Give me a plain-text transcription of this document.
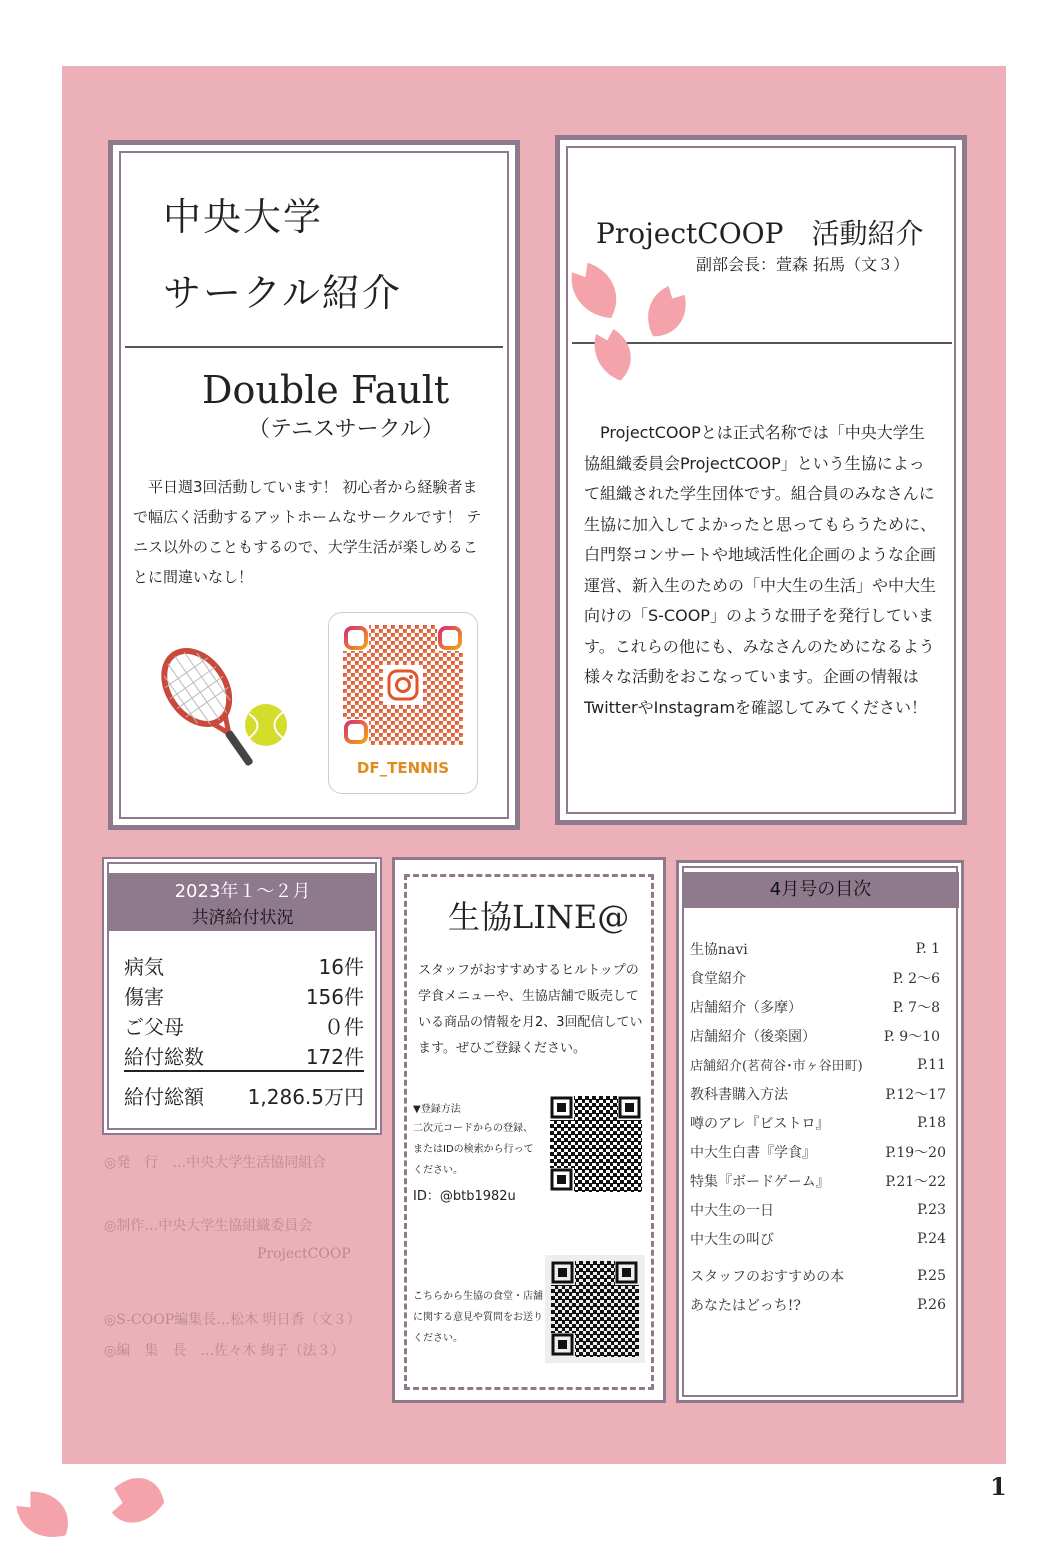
中央大学
サークル紹介
Double Fault
（テニスサークル）
平日週3回活動しています！ 初心者から経験者まで幅広く活動するアットホームなサークルです！ テニス以外のこともするので、大学生活が楽しめることに間違いなし！
DF_TENNIS
ProjectCOOP　活動紹介
副部会長：萱森 拓馬（文３）
ProjectCOOPとは正式名称では「中央大学生協組織委員会ProjectCOOP」という生協によって組織された学生団体です。組合員のみなさんに生協に加入してよかったと思ってもらうために、白門祭コンサートや地域活性化企画のような企画運営、新入生のための「中大生の生活」や中大生向けの「S-COOP」のような冊子を発行しています。これらの他にも、みなさんのためになるよう様々な活動をおこなっています。企画の情報はTwitterやInstagramを確認してみてください！
2023年１～２月
共済給付状況
病気	16件
傷害	156件
ご父母	０件
給付総数	172件
給付総額 1,286.5万円
◎発　行　…中央大学生活協同組合
◎制作…中央大学生協組織委員会
ProjectCOOP
◎S-COOP編集長…松木 明日香（文３）
◎編　集　長　…佐々木 絢子（法３）
生協LINE@
スタッフがおすすめするヒルトップの学食メニューや、生協店舗で販売している商品の情報を月2、3回配信しています。ぜひご登録ください。
▼登録方法
二次元コードからの登録、またはIDの検索から行ってください。
ID：@btb1982u
こちらから生協の食堂・店舗に関する意見や質問をお送りください。
4月号の目次
生協navi	P. 1
食堂紹介	P. 2～6
店舗紹介（多摩）	P. 7～8
店舗紹介（後楽園）	P. 9～10
店舗紹介(茗荷谷･市ヶ谷田町)	P.11
教科書購入方法	P.12～17
噂のアレ『ビストロ』	P.18
中大生白書『学食』	P.19～20
特集『ボードゲーム』	P.21～22
中大生の一日	P.23
中大生の叫び	P.24
スタッフのおすすめの本	P.25
あなたはどっち!?	P.26
1
